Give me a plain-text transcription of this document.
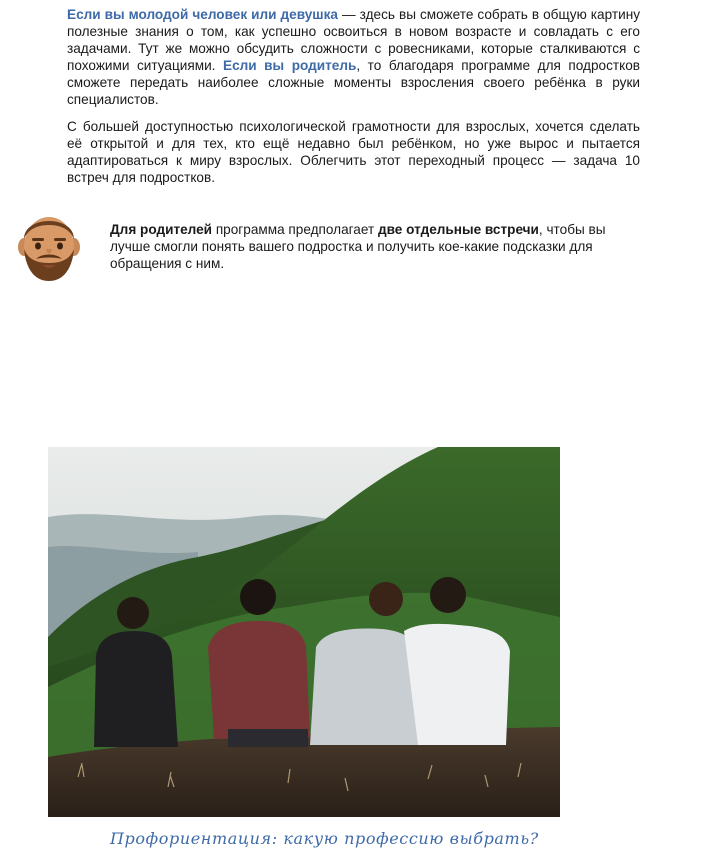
Если вы молодой человек или девушка — здесь вы сможете собрать в общую картину полезные знания о том, как успешно освоиться в новом возрасте и совладать с его задачами. Тут же можно обсудить сложности с ровесниками, которые сталкиваются с похожими ситуациями. Если вы родитель, то благодаря программе для подростков сможете передать наиболее сложные моменты взросления своего ребёнка в руки специалистов.

С большей доступностью психологической грамотности для взрослых, хочется сделать её открытой и для тех, кто ещё недавно был ребёнком, но уже вырос и пытается адаптироваться к миру взрослых. Облегчить этот переходный процесс — задача 10 встреч для подростков.

Для родителей программа предполагает две отдельные встречи, чтобы вы лучше смогли понять вашего подростка и получить кое-какие подсказки для обращения с ним.

Профориентация: какую профессию выбрать?
